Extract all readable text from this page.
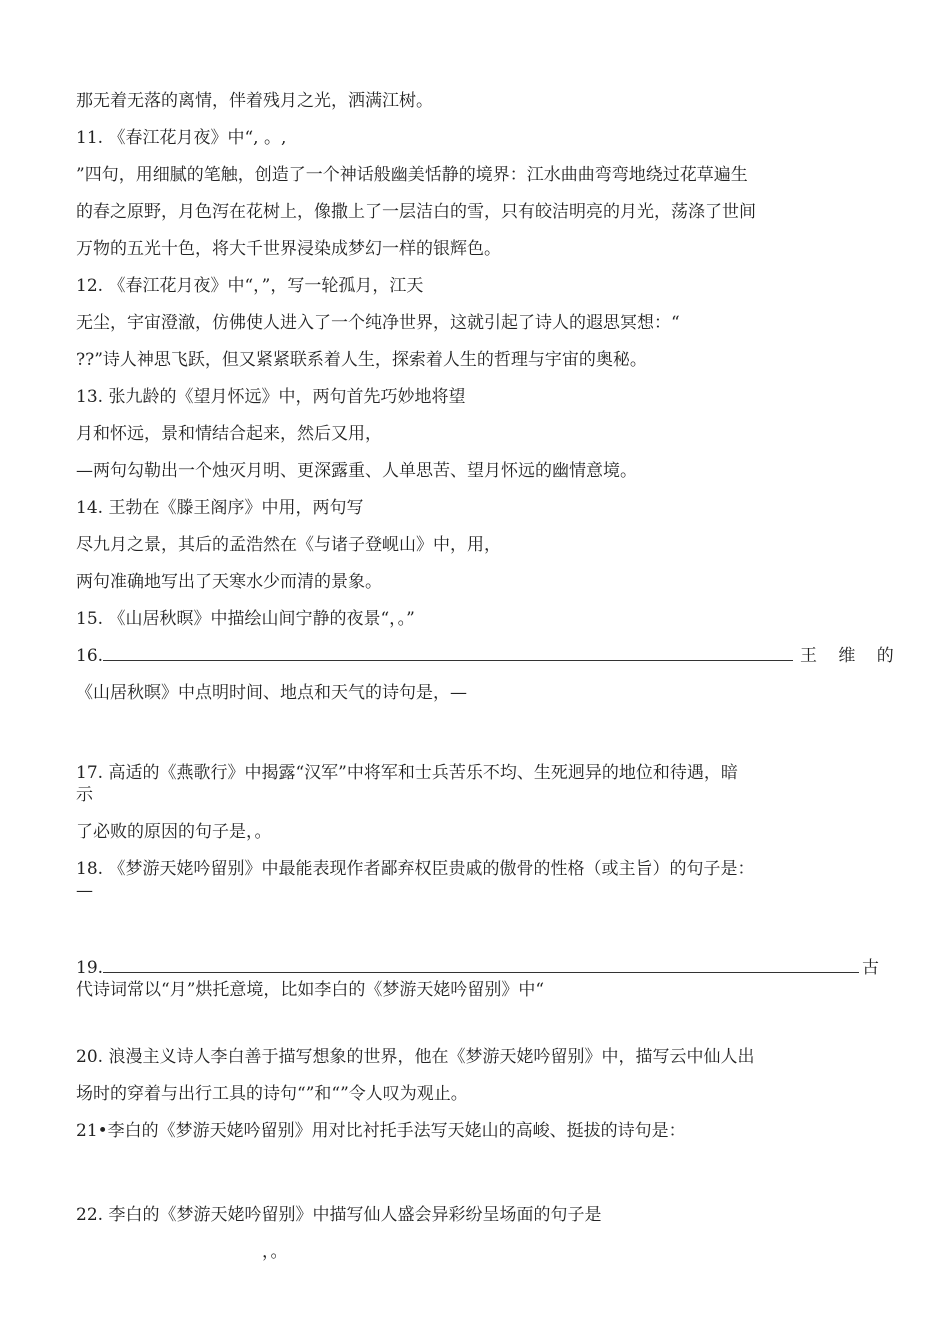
那无着无落的离情，伴着残月之光，洒满江树。
11. 《春江花月夜》中“, 。,
”四句，用细腻的笔触，创造了一个神话般幽美恬静的境界：江水曲曲弯弯地绕过花草遍生
的春之原野，月色泻在花树上，像撒上了一层洁白的雪，只有皎洁明亮的月光，荡涤了世间
万物的五光十色，将大千世界浸染成梦幻一样的银辉色。
12. 《春江花月夜》中“，”，写一轮孤月，江天
无尘，宇宙澄澈，仿佛使人进入了一个纯净世界，这就引起了诗人的遐思冥想：“
??”诗人神思飞跃，但又紧紧联系着人生，探索着人生的哲理与宇宙的奥秘。
13. 张九龄的《望月怀远》中，两句首先巧妙地将望
月和怀远，景和情结合起来，然后又用，
—两句勾勒出一个烛灭月明、更深露重、人单思苦、望月怀远的幽情意境。
14. 王勃在《滕王阁序》中用，两句写
尽九月之景，其后的孟浩然在《与诸子登岘山》中，用，
两句准确地写出了天寒水少而清的景象。
15. 《山居秋暝》中描绘山间宁静的夜景“，。”
16.	王 维 的
《山居秋暝》中点明时间、地点和天气的诗句是，—
17. 高适的《燕歌行》中揭露“汉军”中将军和士兵苦乐不均、生死迥异的地位和待遇，暗
示
了必败的原因的句子是，。
18. 《梦游天姥吟留别》中最能表现作者鄙弃权臣贵戚的傲骨的性格（或主旨）的句子是：
—
19.	古
代诗词常以“月”烘托意境，比如李白的《梦游天姥吟留别》中“
20. 浪漫主义诗人李白善于描写想象的世界，他在《梦游天姥吟留别》中，描写云中仙人出
场时的穿着与出行工具的诗句“”和“”令人叹为观止。
21•李白的《梦游天姥吟留别》用对比衬托手法写天姥山的高峻、挺拔的诗句是：
22. 李白的《梦游天姥吟留别》中描写仙人盛会异彩纷呈场面的句子是
，。
